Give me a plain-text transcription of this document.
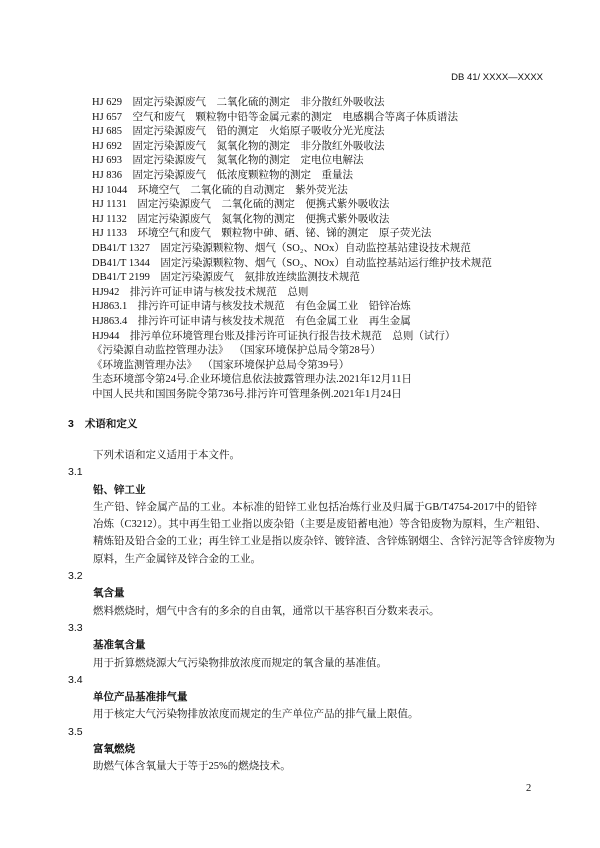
DB 41/ XXXX—XXXX
HJ 629 固定污染源废气　二氧化硫的测定　非分散红外吸收法
HJ 657 空气和废气　颗粒物中铅等金属元素的测定　电感耦合等离子体质谱法
HJ 685 固定污染源废气　铅的测定　火焰原子吸收分光光度法
HJ 692 固定污染源废气　氮氧化物的测定　非分散红外吸收法
HJ 693 固定污染源废气　氮氧化物的测定　定电位电解法
HJ 836 固定污染源废气　低浓度颗粒物的测定　重量法
HJ 1044 环境空气　二氧化硫的自动测定　紫外荧光法
HJ 1131 固定污染源废气　二氧化硫的测定　便携式紫外吸收法
HJ 1132 固定污染源废气　氮氧化物的测定　便携式紫外吸收法
HJ 1133 环境空气和废气　颗粒物中砷、硒、铋、锑的测定　原子荧光法
DB41/T 1327 固定污染源颗粒物、烟气（SO₂、NOx）自动监控基站建设技术规范
DB41/T 1344 固定污染源颗粒物、烟气（SO₂、NOx）自动监控基站运行维护技术规范
DB41/T 2199 固定污染源废气　氨排放连续监测技术规范
HJ942 排污许可证申请与核发技术规范　总则
HJ863.1 排污许可证申请与核发技术规范　有色金属工业　铅锌冶炼
HJ863.4 排污许可证申请与核发技术规范　有色金属工业　再生金属
HJ944 排污单位环境管理台账及排污许可证执行报告技术规范　总则（试行）
《污染源自动监控管理办法》 （国家环境保护总局令第28号）
《环境监测管理办法》 （国家环境保护总局令第39号）
生态环境部令第24号.企业环境信息依法披露管理办法.2021年12月11日
中国人民共和国国务院令第736号.排污许可管理条例.2021年1月24日
3 术语和定义
下列术语和定义适用于本文件。
3.1
铅、锌工业
生产铅、锌金属产品的工业。本标准的铅锌工业包括冶炼行业及归属于GB/T4754-2017中的铅锌
冶炼（C3212）。其中再生铅工业指以废杂铅（主要是废铅蓄电池）等含铅废物为原料，生产粗铅、
精炼铅及铅合金的工业；再生锌工业是指以废杂锌、镀锌渣、含锌炼钢烟尘、含锌污泥等含锌废物为
原料，生产金属锌及锌合金的工业。
3.2
氧含量
燃料燃烧时，烟气中含有的多余的自由氧，通常以干基容积百分数来表示。
3.3
基准氧含量
用于折算燃烧源大气污染物排放浓度而规定的氧含量的基准值。
3.4
单位产品基准排气量
用于核定大气污染物排放浓度而规定的生产单位产品的排气量上限值。
3.5
富氧燃烧
助燃气体含氧量大于等于25%的燃烧技术。
2
